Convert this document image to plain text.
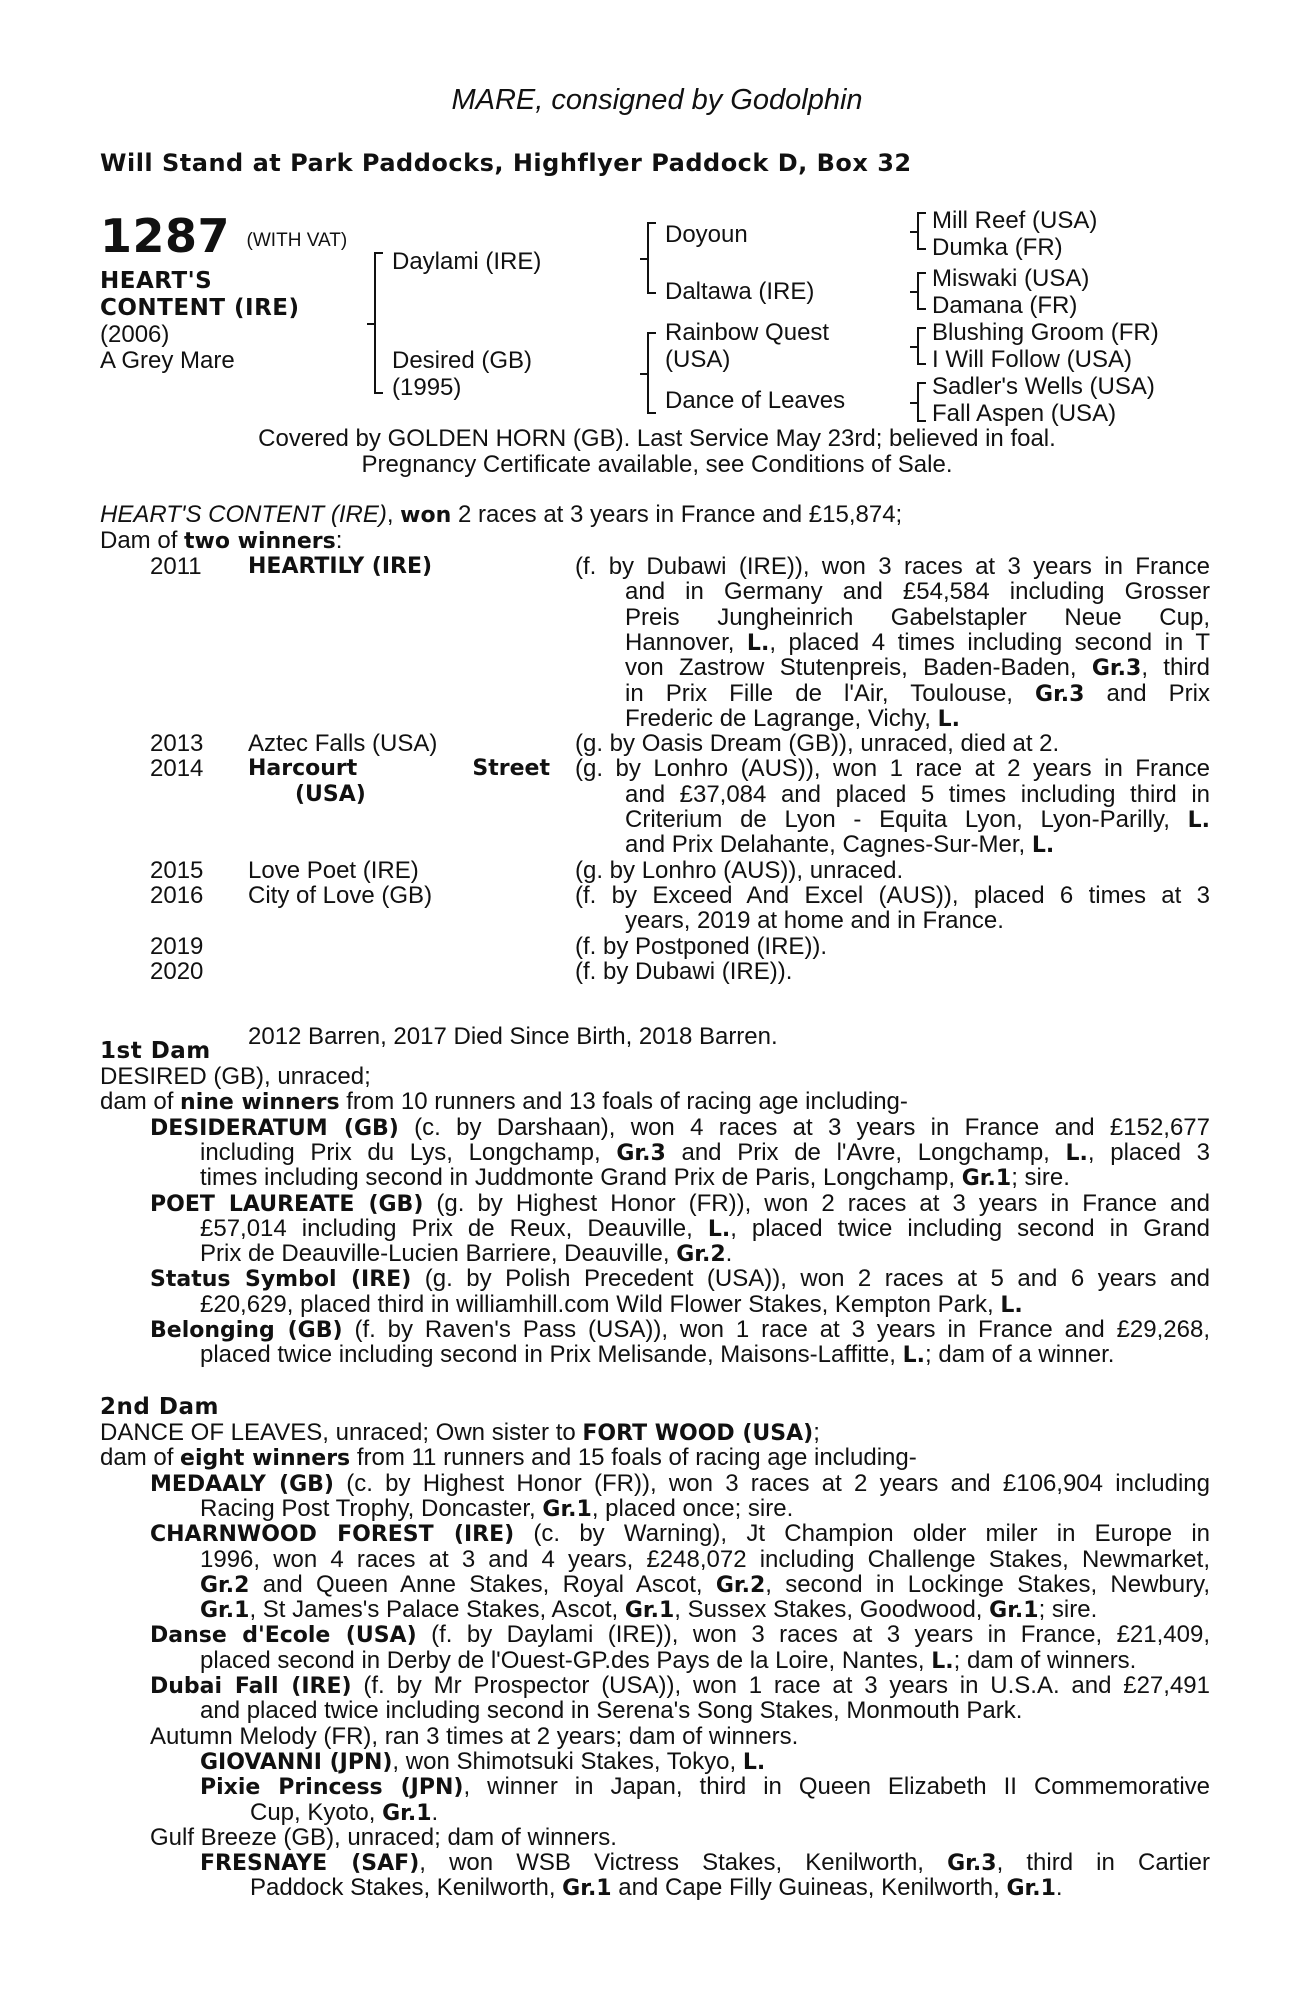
MARE, consigned by Godolphin
Will Stand at Park Paddocks, Highflyer Paddock D, Box 32
1287 (WITH VAT)
HEART'S
CONTENT (IRE)
(2006)
A Grey Mare
Daylami (IRE)
Desired (GB)
(1995)
Doyoun
Daltawa (IRE)
Rainbow Quest
(USA)
Dance of Leaves
Mill Reef (USA)
Dumka (FR)
Miswaki (USA)
Damana (FR)
Blushing Groom (FR)
I Will Follow (USA)
Sadler's Wells (USA)
Fall Aspen (USA)
Covered by GOLDEN HORN (GB). Last Service May 23rd; believed in foal.
Pregnancy Certificate available, see Conditions of Sale.
HEART'S CONTENT (IRE), won 2 races at 3 years in France and £15,874;
Dam of two winners:
2011 HEARTILY (IRE)	(f. by Dubawi (IRE)), won 3 races at 3 years in France
and in Germany and £54,584 including Grosser
Preis Jungheinrich Gabelstapler Neue Cup,
Hannover, L., placed 4 times including second in T
von Zastrow Stutenpreis, Baden-Baden, Gr.3, third
in Prix Fille de l'Air, Toulouse, Gr.3 and Prix
Frederic de Lagrange, Vichy, L.
2013 Aztec Falls (USA)	(g. by Oasis Dream (GB)), unraced, died at 2.
2014 Harcourt Street
(USA)
(g. by Lonhro (AUS)), won 1 race at 2 years in France
and £37,084 and placed 5 times including third in
Criterium de Lyon - Equita Lyon, Lyon-Parilly, L.
and Prix Delahante, Cagnes-Sur-Mer, L.
2015 Love Poet (IRE)	(g. by Lonhro (AUS)), unraced.
2016 City of Love (GB)	(f. by Exceed And Excel (AUS)), placed 6 times at 3
years, 2019 at home and in France.
2019	(f. by Postponed (IRE)).
2020	(f. by Dubawi (IRE)).
2012 Barren, 2017 Died Since Birth, 2018 Barren.
1st Dam
DESIRED (GB), unraced;
dam of nine winners from 10 runners and 13 foals of racing age including-
DESIDERATUM (GB) (c. by Darshaan), won 4 races at 3 years in France and £152,677
including Prix du Lys, Longchamp, Gr.3 and Prix de l'Avre, Longchamp, L., placed 3
times including second in Juddmonte Grand Prix de Paris, Longchamp, Gr.1; sire.
POET LAUREATE (GB) (g. by Highest Honor (FR)), won 2 races at 3 years in France and
£57,014 including Prix de Reux, Deauville, L., placed twice including second in Grand
Prix de Deauville-Lucien Barriere, Deauville, Gr.2.
Status Symbol (IRE) (g. by Polish Precedent (USA)), won 2 races at 5 and 6 years and
£20,629, placed third in williamhill.com Wild Flower Stakes, Kempton Park, L.
Belonging (GB) (f. by Raven's Pass (USA)), won 1 race at 3 years in France and £29,268,
placed twice including second in Prix Melisande, Maisons-Laffitte, L.; dam of a winner.
2nd Dam
DANCE OF LEAVES, unraced; Own sister to FORT WOOD (USA);
dam of eight winners from 11 runners and 15 foals of racing age including-
MEDAALY (GB) (c. by Highest Honor (FR)), won 3 races at 2 years and £106,904 including
Racing Post Trophy, Doncaster, Gr.1, placed once; sire.
CHARNWOOD FOREST (IRE) (c. by Warning), Jt Champion older miler in Europe in
1996, won 4 races at 3 and 4 years, £248,072 including Challenge Stakes, Newmarket,
Gr.2 and Queen Anne Stakes, Royal Ascot, Gr.2, second in Lockinge Stakes, Newbury,
Gr.1, St James's Palace Stakes, Ascot, Gr.1, Sussex Stakes, Goodwood, Gr.1; sire.
Danse d'Ecole (USA) (f. by Daylami (IRE)), won 3 races at 3 years in France, £21,409,
placed second in Derby de l'Ouest-GP.des Pays de la Loire, Nantes, L.; dam of winners.
Dubai Fall (IRE) (f. by Mr Prospector (USA)), won 1 race at 3 years in U.S.A. and £27,491
and placed twice including second in Serena's Song Stakes, Monmouth Park.
Autumn Melody (FR), ran 3 times at 2 years; dam of winners.
GIOVANNI (JPN), won Shimotsuki Stakes, Tokyo, L.
Pixie Princess (JPN), winner in Japan, third in Queen Elizabeth II Commemorative
Cup, Kyoto, Gr.1.
Gulf Breeze (GB), unraced; dam of winners.
FRESNAYE (SAF), won WSB Victress Stakes, Kenilworth, Gr.3, third in Cartier
Paddock Stakes, Kenilworth, Gr.1 and Cape Filly Guineas, Kenilworth, Gr.1.
